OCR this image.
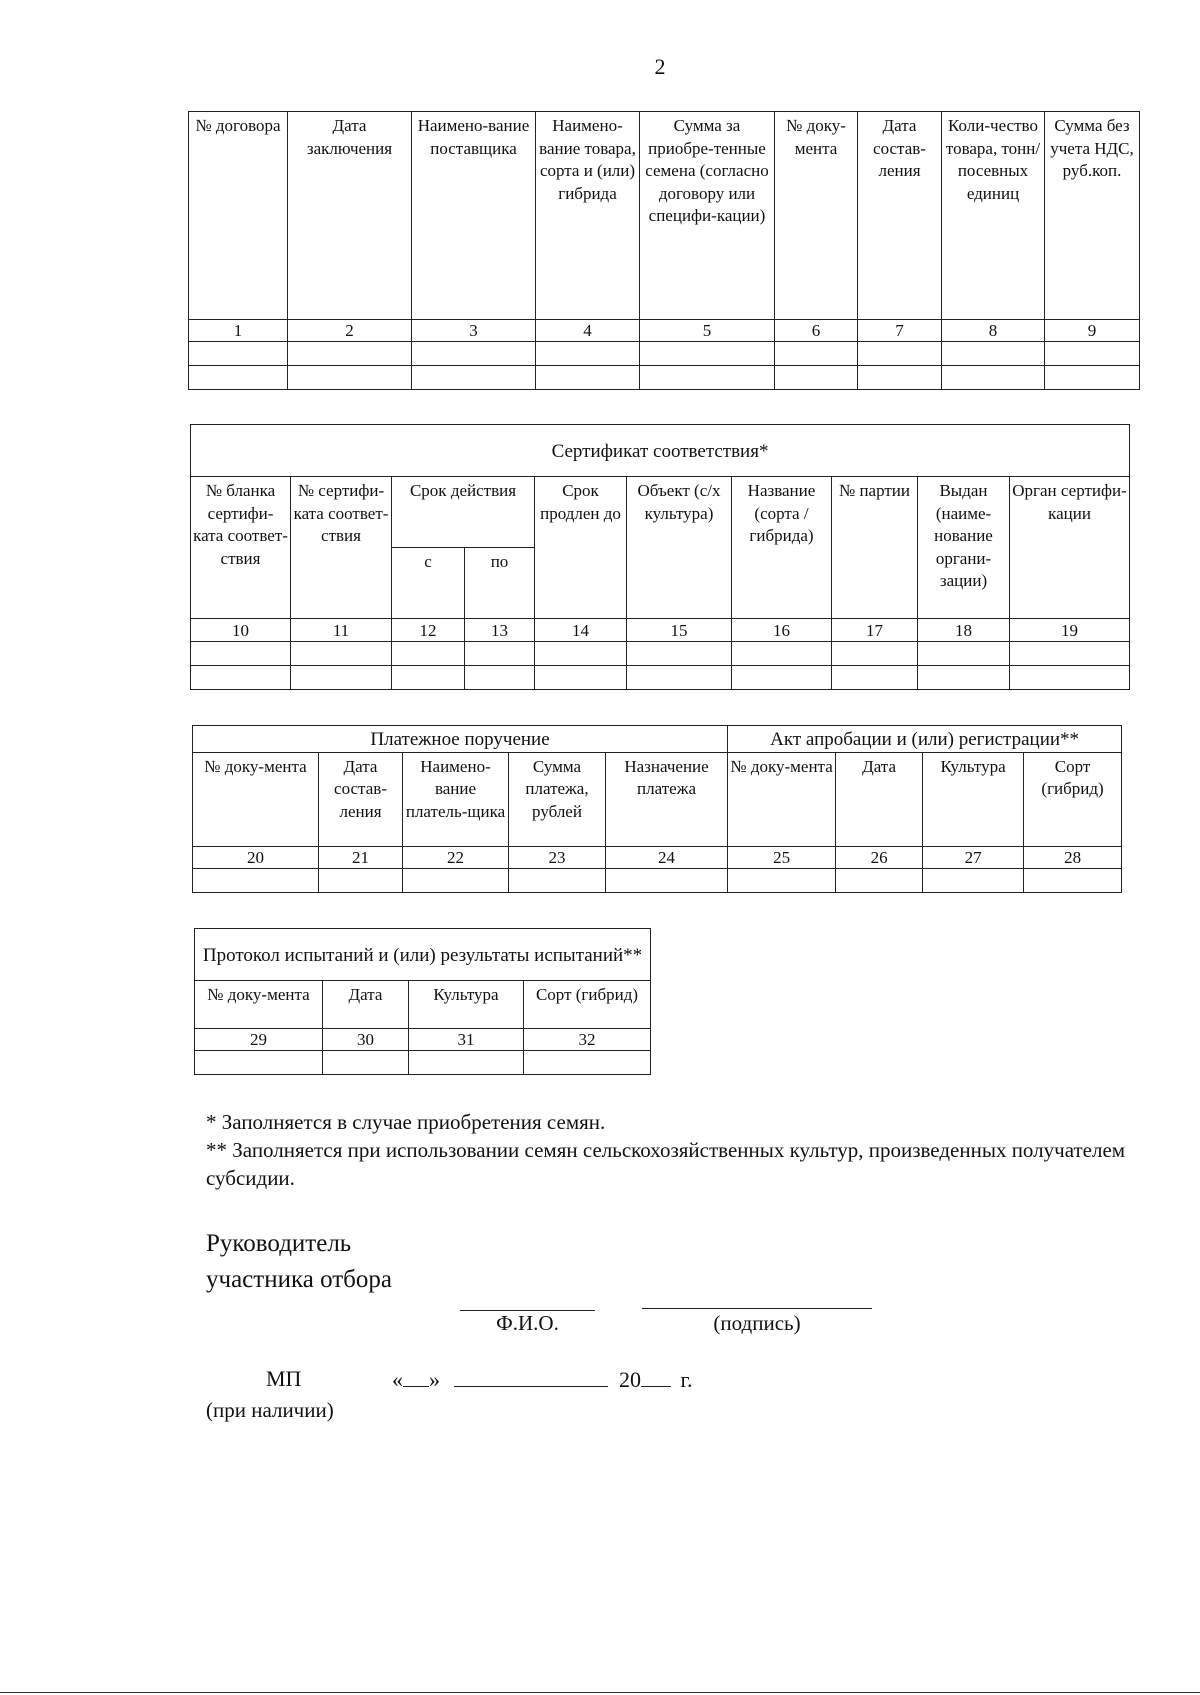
2
№ договора	Дата заключения	Наимено-вание поставщика	Наимено-вание товара, сорта и (или) гибрида	Сумма за приобре-тенные семена (согласно договору или специфи-кации)	№ доку-мента	Дата состав-ления	Коли-чество товара, тонн/ посевных единиц	Сумма без учета НДС, руб.коп.
1	2	3	4	5	6	7	8	9

Сертификат соответствия*									
№ бланка сертифи-ката соответ-ствия	№ сертифи-ката соответ-ствия	Срок действия		Срок продлен до	Объект (с/х культура)	Название (сорта / гибрида)	№ партии	Выдан (наиме-нование органи-зации)	Орган сертифи-кации
		с	по						
10	11	12	13	14	15	16	17	18	19

Платежное поручение					Акт апробации и (или) регистрации**			
№ доку-мента	Дата состав-ления	Наимено-вание платель-щика	Сумма платежа, рублей	Назначение платежа	№ доку-мента	Дата	Культура	Сорт (гибрид)
20	21	22	23	24	25	26	27	28

Протокол испытаний и (или) результаты испытаний**			
№ доку-мента	Дата	Культура	Сорт (гибрид)
29	30	31	32

* Заполняется в случае приобретения семян.

** Заполняется при использовании семян сельскохозяйственных культур, произведенных получателем субсидии.

Руководитель
участника отбора
Ф.И.О.	(подпись)
МП
(при наличии)
« »	20 г.
